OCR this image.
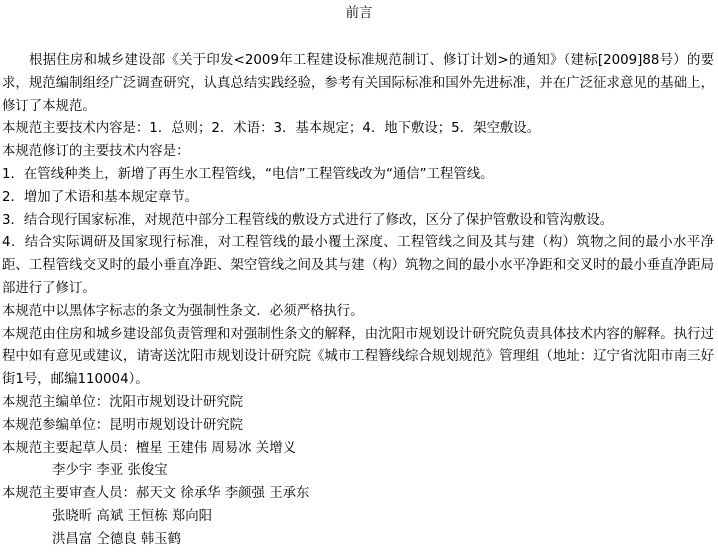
前言

根据住房和城乡建设部《关于印发<2009年工程建设标准规范制订、修订计划>的通知》（建标[2009]88号）的要求，规范编制组经广泛调查研究，认真总结实践经验，参考有关国际标准和国外先进标准，并在广泛征求意见的基础上，修订了本规范。

本规范主要技术内容是：1．总则；2．术语：3．基本规定；4．地下敷设；5．架空敷设。

本规范修订的主要技术内容是：

1．在管线种类上，新增了再生水工程管线，“电信”工程管线改为“通信”工程管线。

2．增加了术语和基本规定章节。

3．结合现行国家标准，对规范中部分工程管线的敷设方式进行了修改，区分了保护管敷设和管沟敷设。

4．结合实际调研及国家现行标准，对工程管线的最小覆土深度、工程管线之间及其与建（构）筑物之间的最小水平净距、工程管线交叉时的最小垂直净距、架空管线之间及其与建（构）筑物之间的最小水平净距和交叉时的最小垂直净距局部进行了修订。

本规范中以黑体字标志的条文为强制性条文．必须严格执行。

本规范由住房和城乡建设部负责管理和对强制性条文的解释，由沈阳市规划设计研究院负责具体技术内容的解释。执行过程中如有意见或建议，请寄送沈阳市规划设计研究院《城市工程簪线综合规划规范》管理组（地址：辽宁省沈阳市南三好街1号，邮编110004）。

本规范主编单位：沈阳市规划设计研究院

本规范参编单位：昆明市规划设计研究院

本规范主要起草人员：檀星 王建伟 周易冰 关增义

李少宇 李亚 张俊宝

本规范主要审查人员：郝天文 徐承华 李颜强 王承东

张晓昕 高斌 王恒栋 郑向阳

洪昌富 仝德良 韩玉鹤
